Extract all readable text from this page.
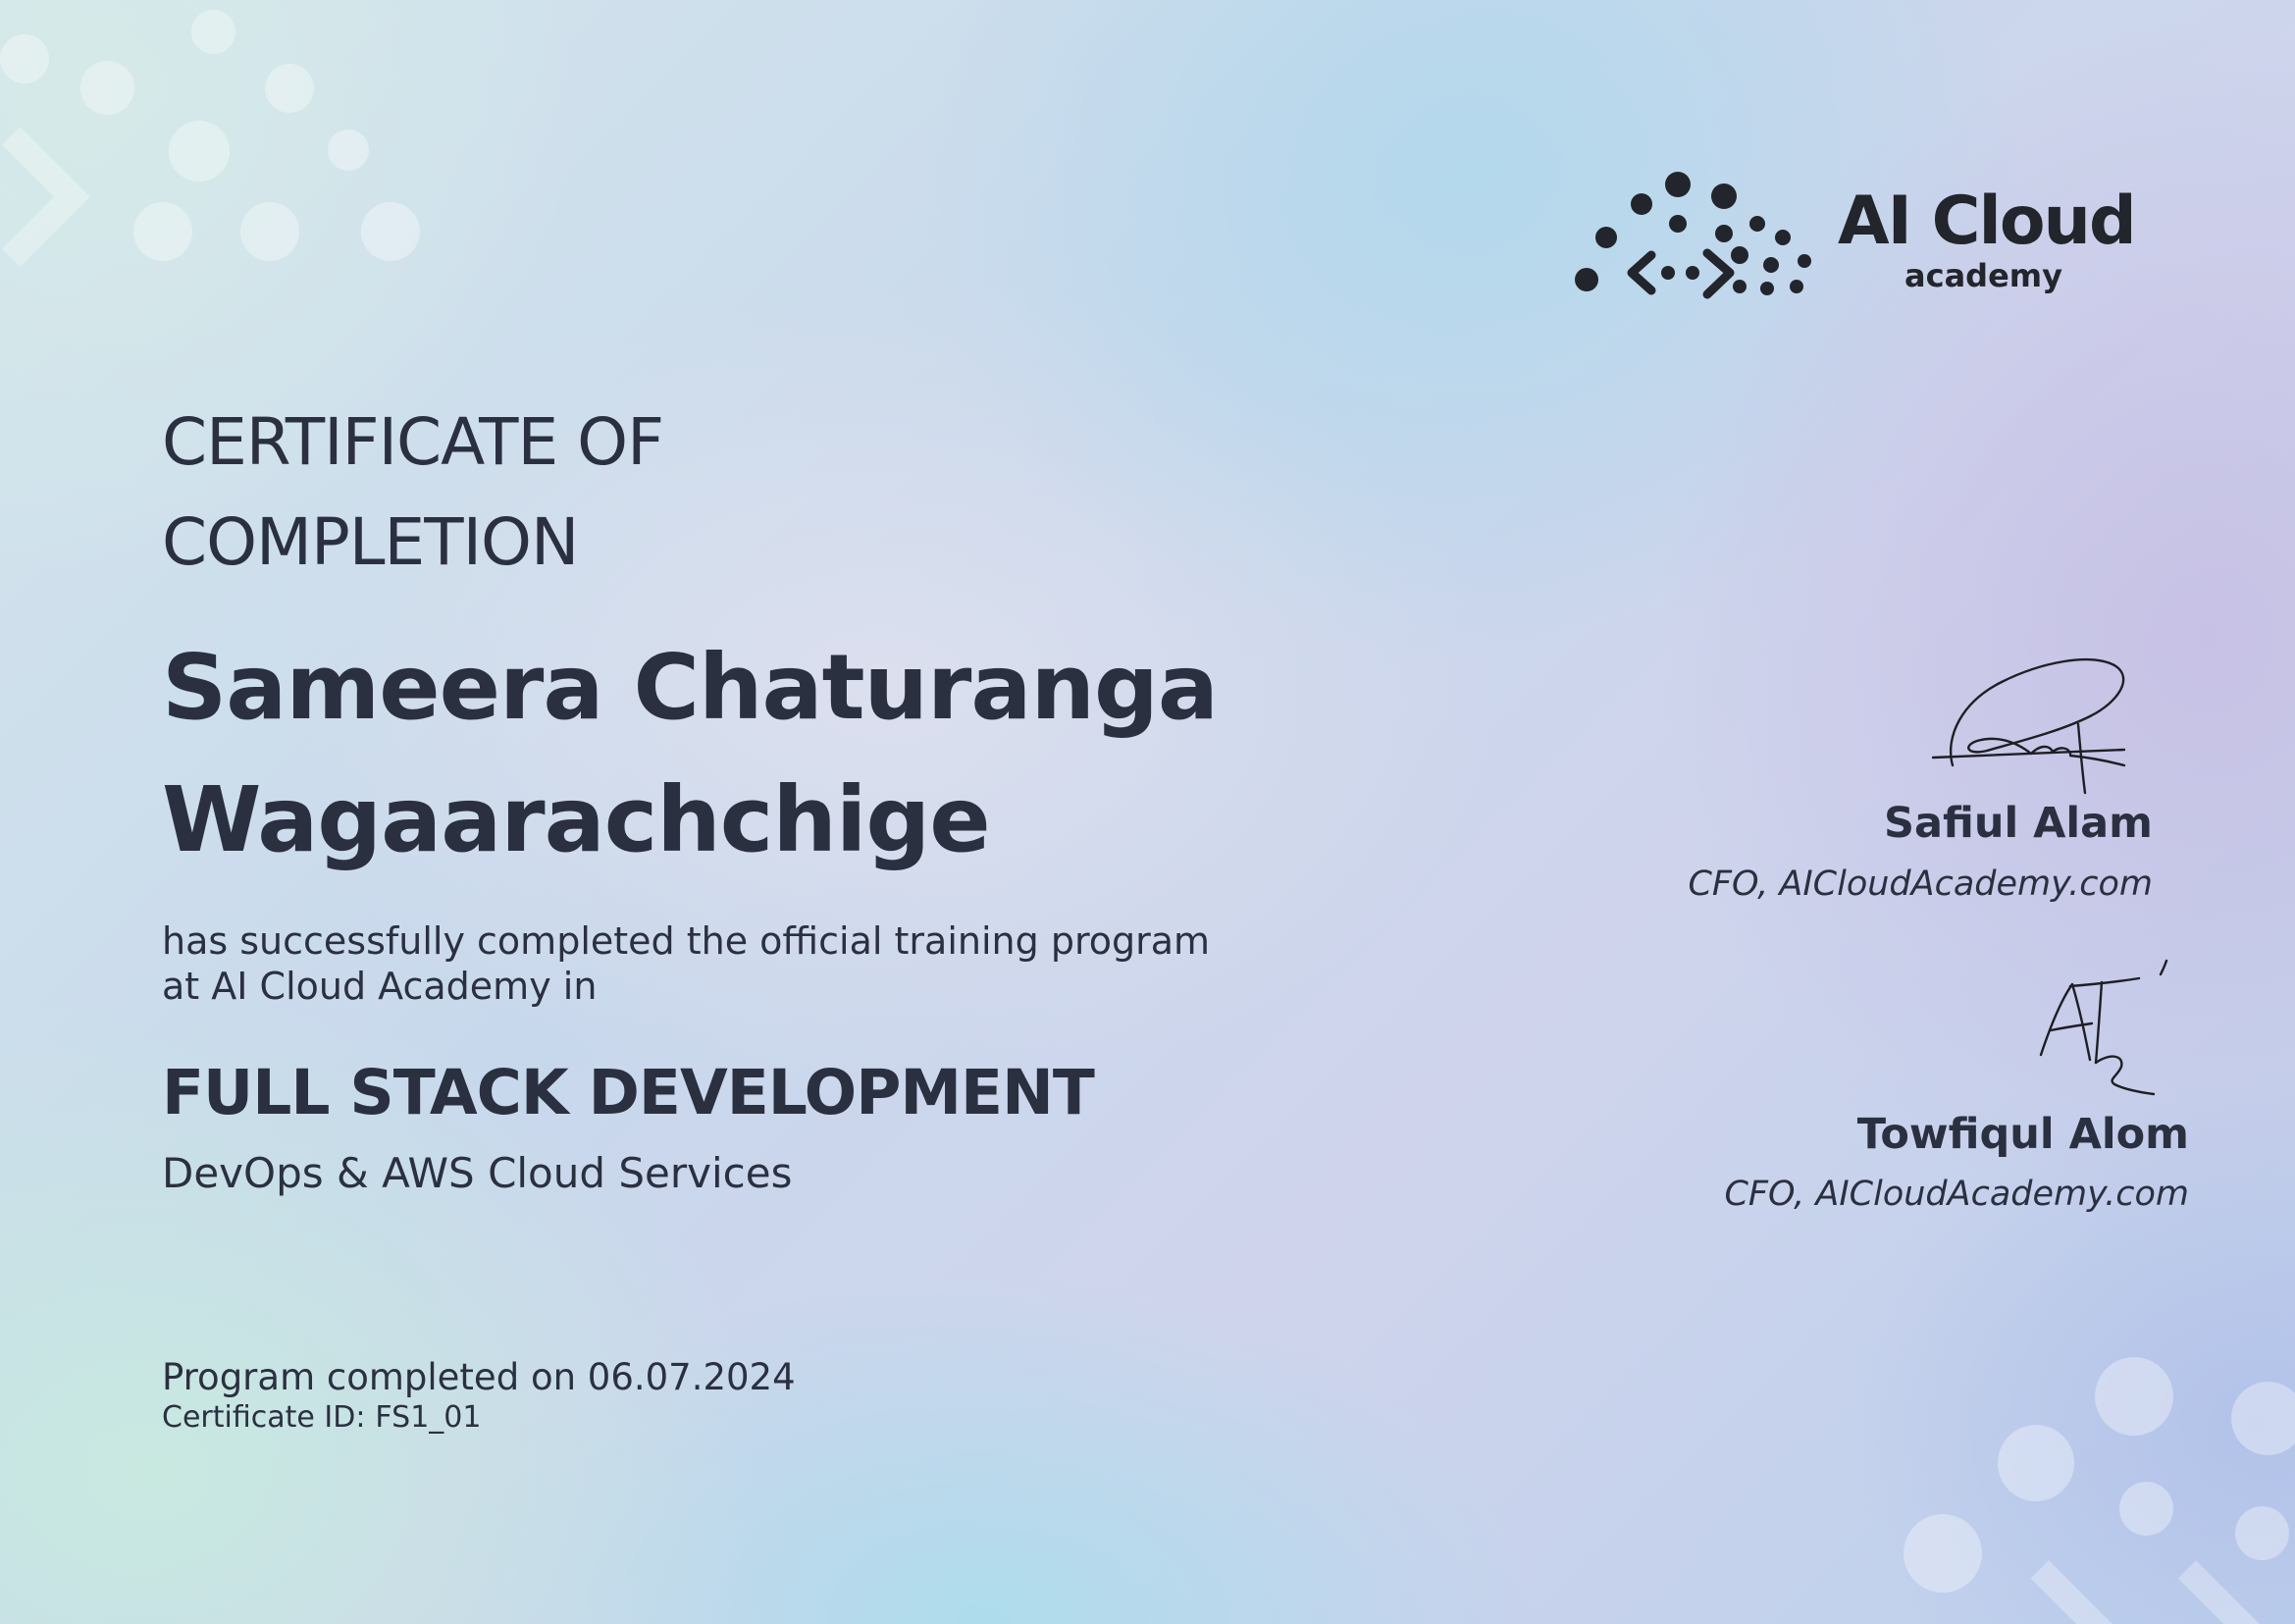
AI Cloud
academy
CERTIFICATE OF
COMPLETION
Sameera Chaturanga
Wagaarachchige
has successfully completed the official training program
at AI Cloud Academy in
FULL STACK DEVELOPMENT
DevOps & AWS Cloud Services
Program completed on 06.07.2024
Certificate ID: FS1_01
Safiul Alam
CFO, AICloudAcademy.com
Towfiqul Alom
CFO, AICloudAcademy.com
